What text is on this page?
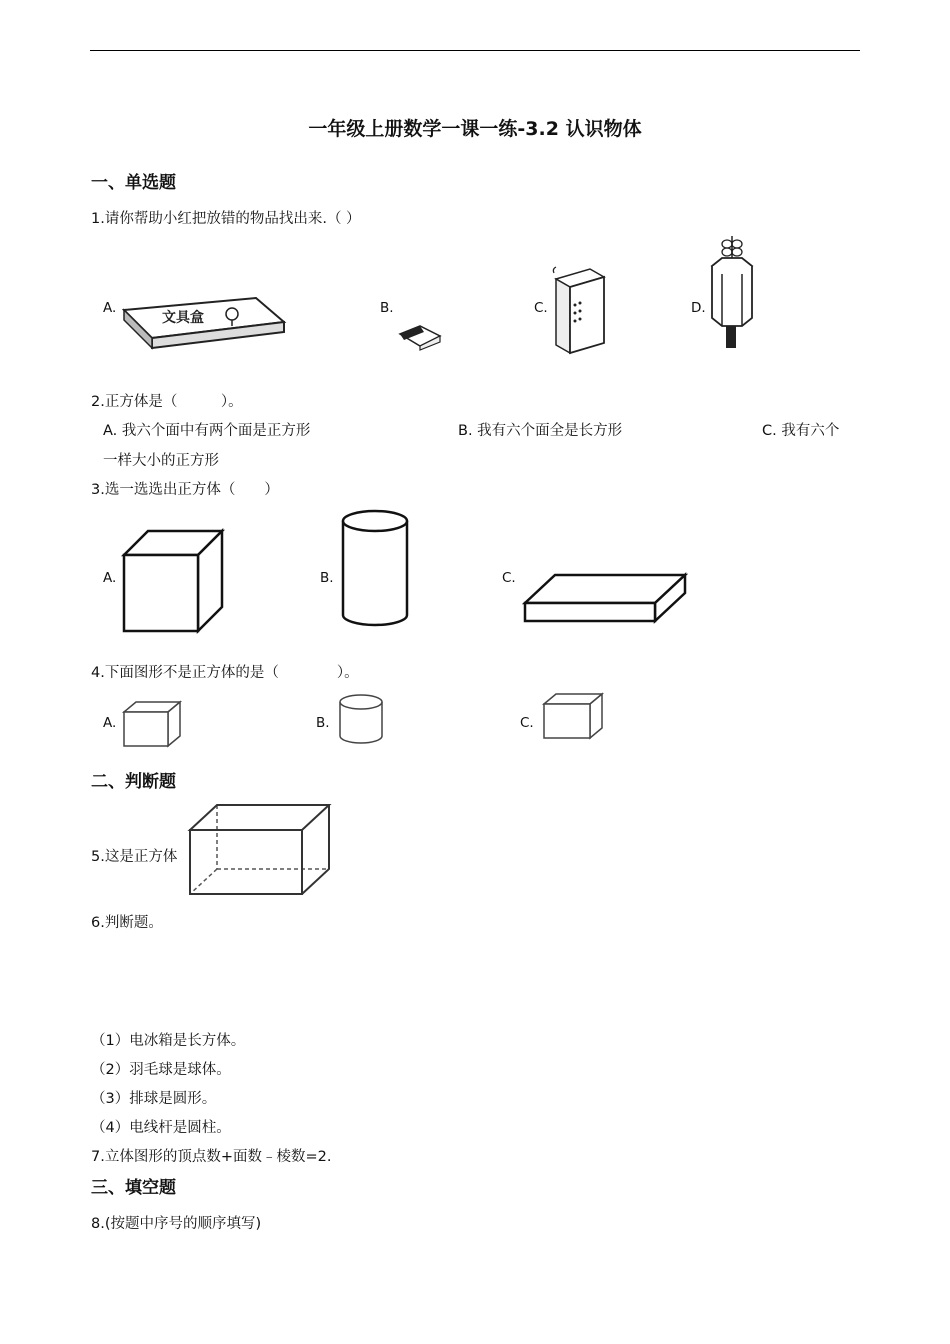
一年级上册数学一课一练-3.2 认识物体
一、单选题
1.请你帮助小红把放错的物品找出来.（ ）
A.
文具盒
B.	C.	D.
2.正方体是（　　　）。
A. 我六个面中有两个面是正方形	B. 我有六个面全是长方形	C. 我有六个
一样大小的正方形
3.选一选选出正方体（　　）
A.	B.	C.
4.下面图形不是正方体的是（　　　　）。
A.	B.	C.
二、判断题
5.这是正方体
6.判断题。
（1）电冰箱是长方体。
（2）羽毛球是球体。
（3）排球是圆形。
（4）电线杆是圆柱。
7.立体图形的顶点数+面数﹣棱数=2.
三、填空题
8.(按题中序号的顺序填写)
